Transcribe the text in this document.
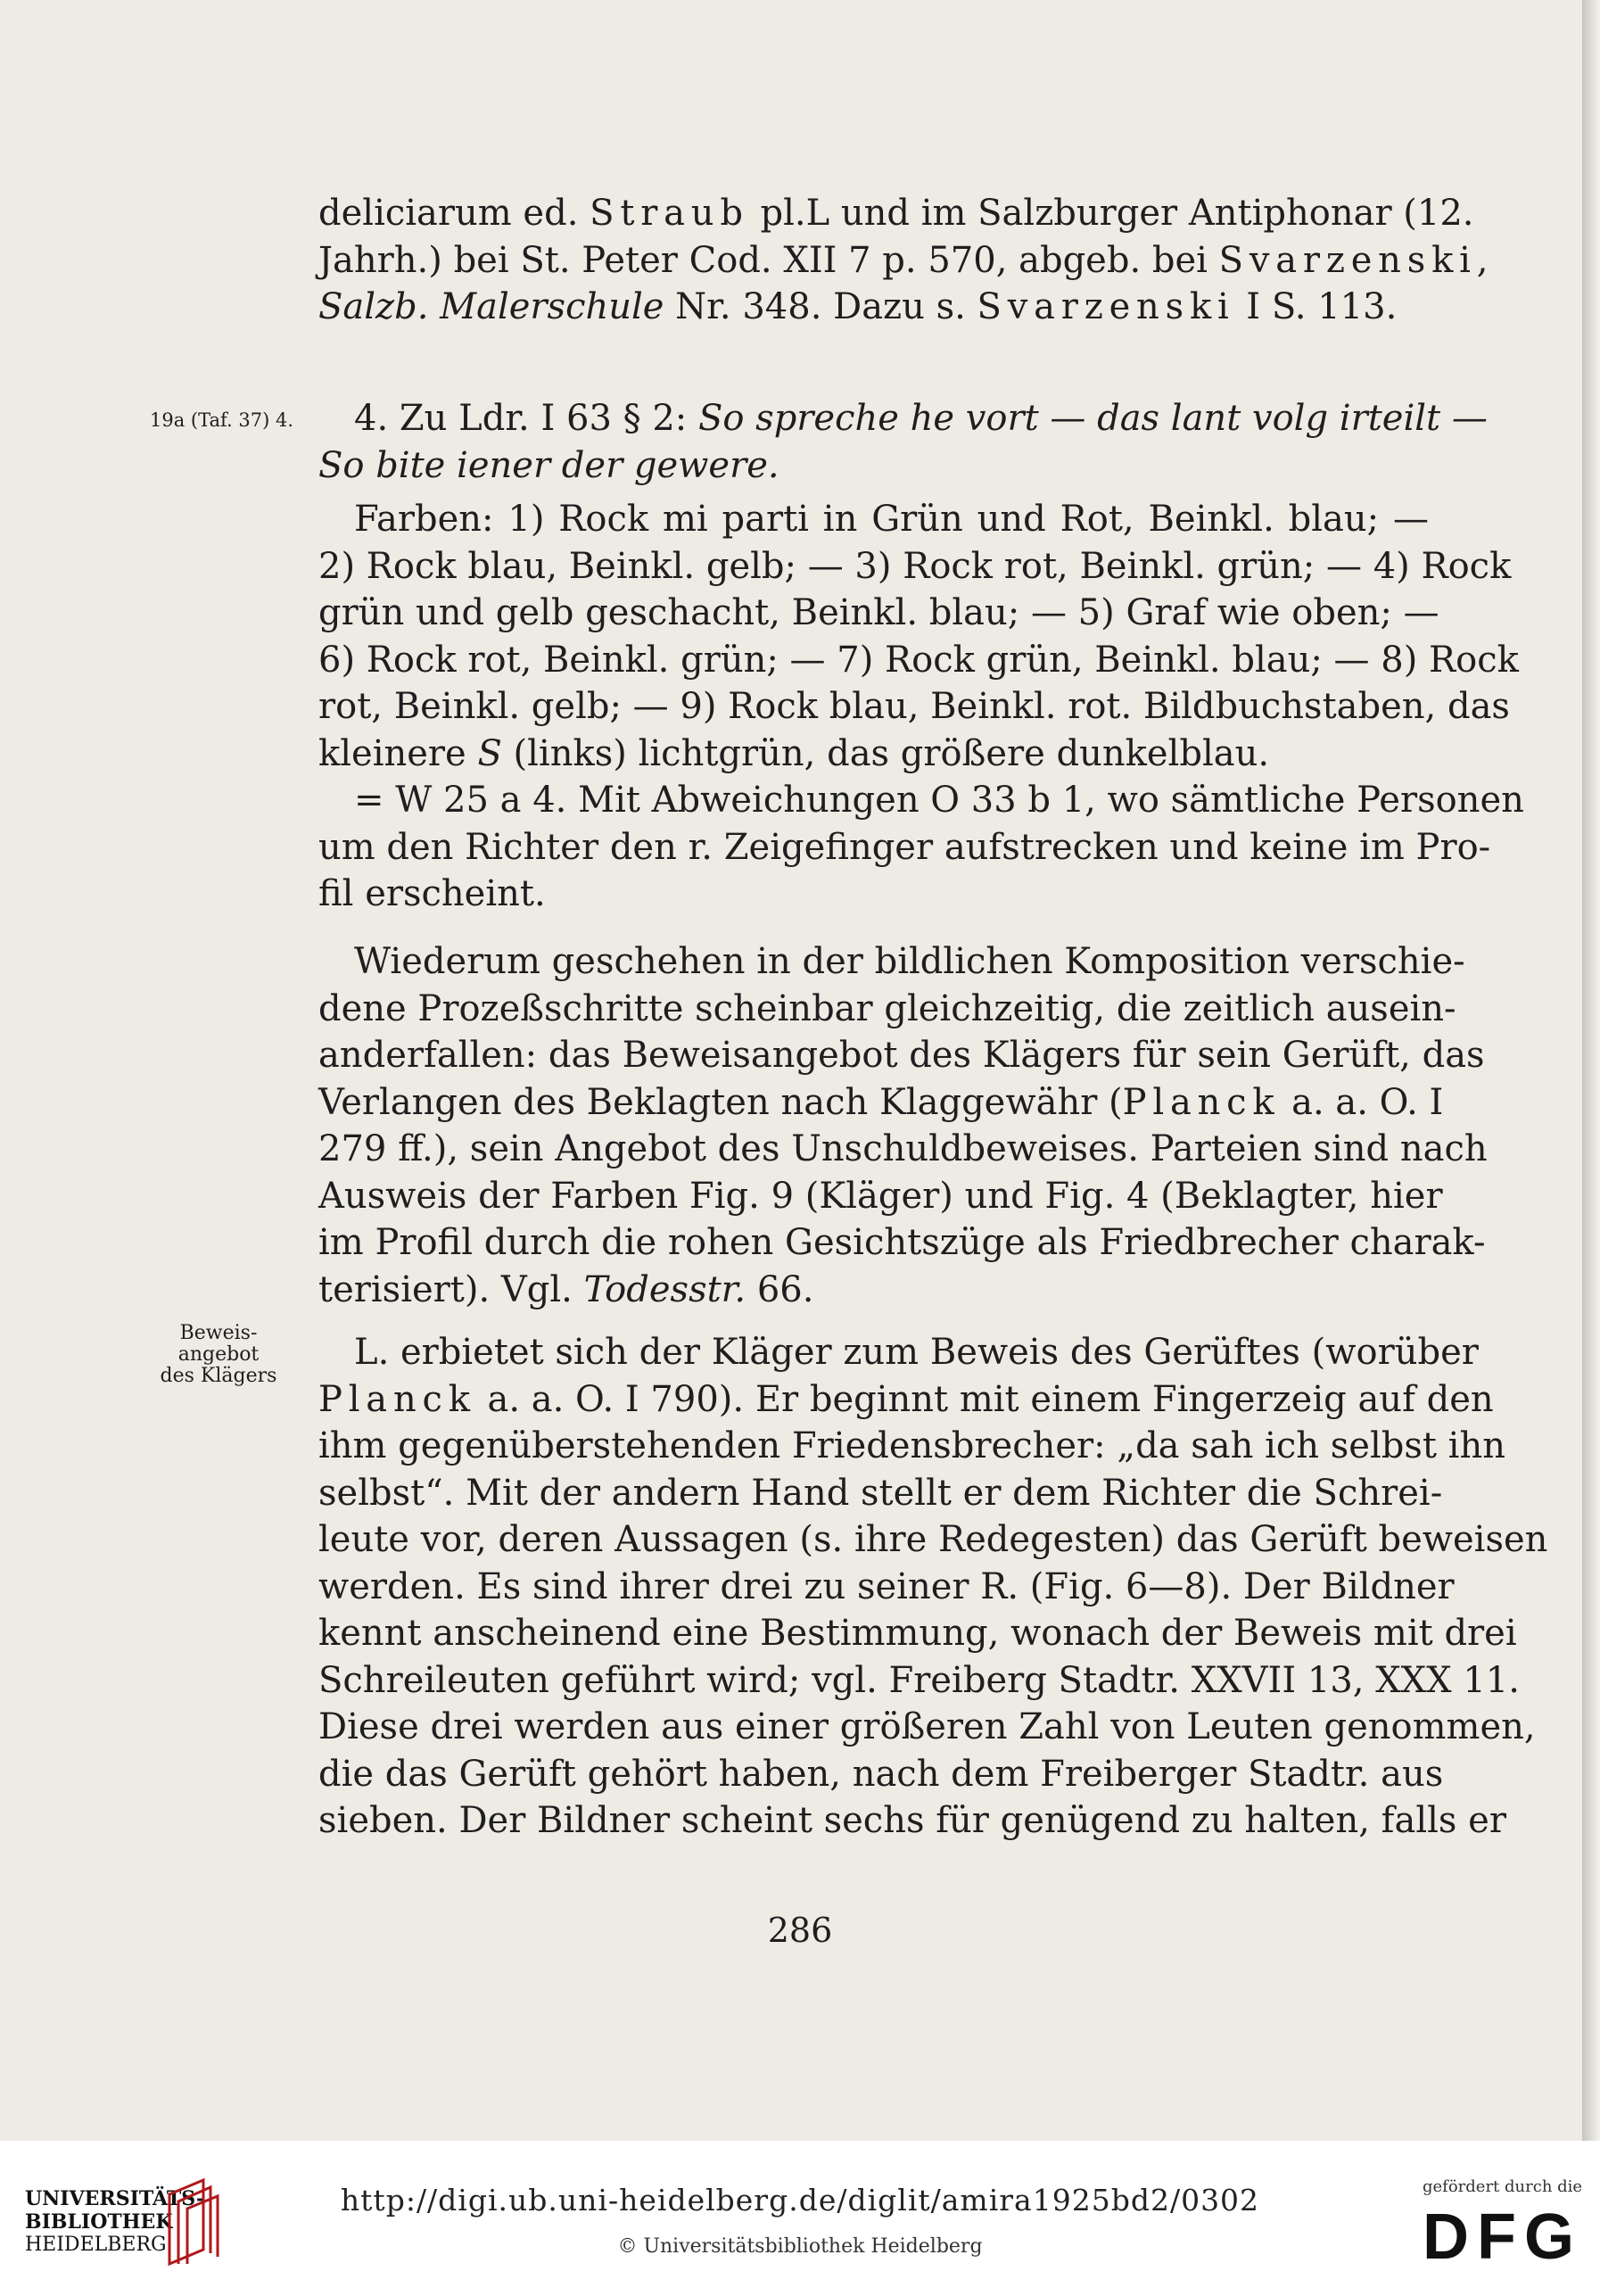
19a (Taf. 37) 4.
Beweis-
angebot
des Klägers
deliciarum ed. Straub pl.L und im Salzburger Antiphonar (12.
Jahrh.) bei St. Peter Cod. XII 7 p. 570, abgeb. bei Svarzenski
Salzb. Malerschule Nr. 348. Dazu s. Svarzenski I S. 113.
4. Zu Ldr. I 63 § 2: So spreche he vort — das lant volg irteilt —
So bite iener der gewere.
Farben: 1) Rock mi parti in Grün und Rot, Beinkl. blau; —
2) Rock blau, Beinkl. gelb; — 3) Rock rot, Beinkl. grün; — 4) Rock
grün und gelb geschacht, Beinkl. blau; — 5) Graf wie oben; —
6) Rock rot, Beinkl. grün; — 7) Rock grün, Beinkl. blau; — 8) Rock
rot, Beinkl. gelb; — 9) Rock blau, Beinkl. rot. Bildbuchstaben, das
kleinere S (links) lichtgrün, das größere dunkelblau.
= W 25 a 4. Mit Abweichungen O 33 b 1, wo sämtliche Personen
um den Richter den r. Zeigefinger aufstrecken und keine im Pro-
fil erscheint.
Wiederum geschehen in der bildlichen Komposition verschie-
dene Prozeßschritte scheinbar gleichzeitig, die zeitlich ausein-
anderfallen: das Beweisangebot des Klägers für sein Gerüft, das
Verlangen des Beklagten nach Klaggewähr (Planck a. a. O. I
279 ff.), sein Angebot des Unschuldbeweises. Parteien sind nach
Ausweis der Farben Fig. 9 (Kläger) und Fig. 4 (Beklagter, hier
im Profil durch die rohen Gesichtszüge als Friedbrecher charak-
terisiert). Vgl. Todesstr. 66.
L. erbietet sich der Kläger zum Beweis des Gerüftes (worüber
Planck a. a. O. I 790). Er beginnt mit einem Fingerzeig auf den
ihm gegenüberstehenden Friedensbrecher: „da sah ich selbst ihn
selbst“. Mit der andern Hand stellt er dem Richter die Schrei-
leute vor, deren Aussagen (s. ihre Redegesten) das Gerüft beweisen
werden. Es sind ihrer drei zu seiner R. (Fig. 6—8). Der Bildner
kennt anscheinend eine Bestimmung, wonach der Beweis mit drei
Schreileuten geführt wird; vgl. Freiberg Stadtr. XXVII 13, XXX 11.
Diese drei werden aus einer größeren Zahl von Leuten genommen,
die das Gerüft gehört haben, nach dem Freiberger Stadtr. aus
sieben. Der Bildner scheint sechs für genügend zu halten, falls er
286
UNIVERSITÄTS-
BIBLIOTHEK
HEIDELBERG
http://digi.ub.uni-heidelberg.de/diglit/amira1925bd2/0302
© Universitätsbibliothek Heidelberg
gefördert durch die
DFG
